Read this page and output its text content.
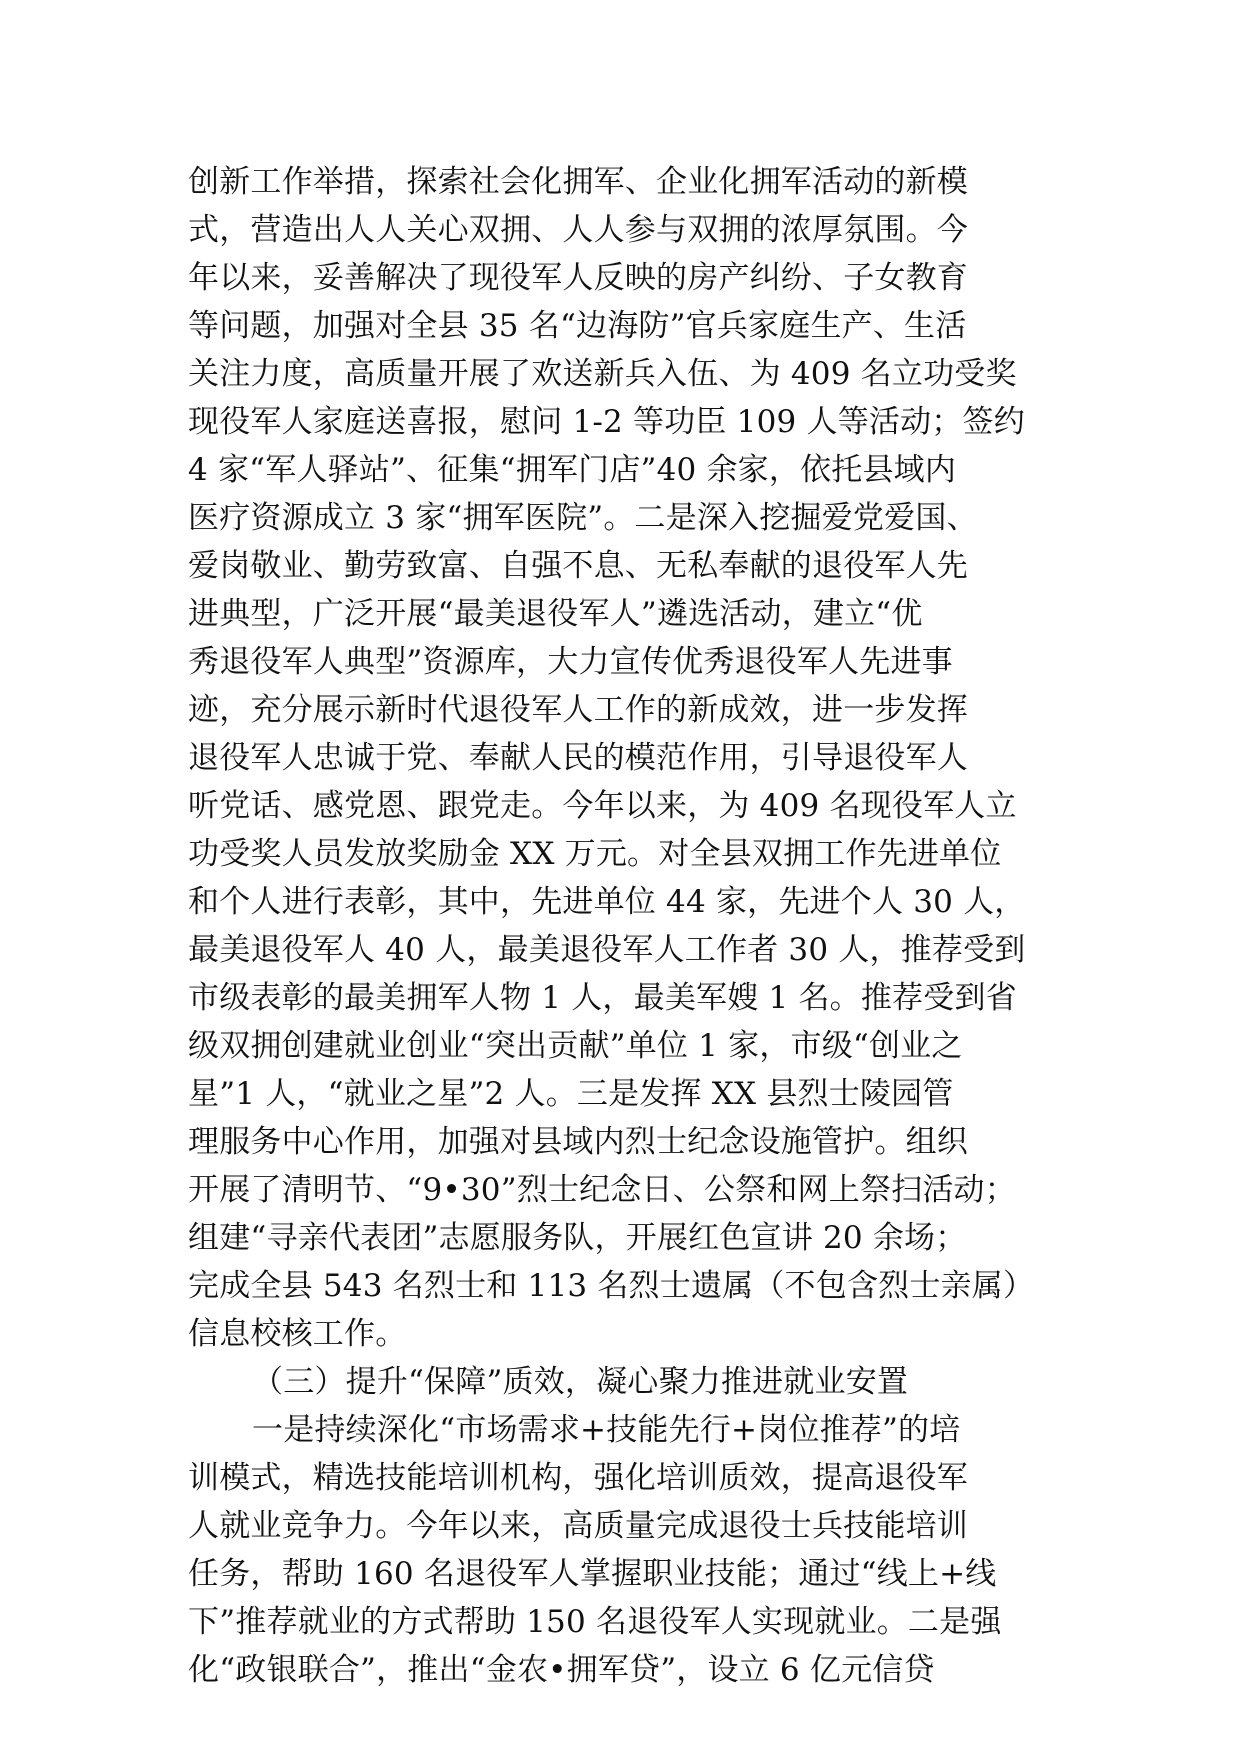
创新工作举措，探索社会化拥军、企业化拥军活动的新模
式，营造出人人关心双拥、人人参与双拥的浓厚氛围。今
年以来，妥善解决了现役军人反映的房产纠纷、子女教育
等问题，加强对全县 35 名“边海防”官兵家庭生产、生活
关注力度，高质量开展了欢送新兵入伍、为 409 名立功受奖
现役军人家庭送喜报，慰问 1-2 等功臣 109 人等活动；签约
4 家“军人驿站”、征集“拥军门店”40 余家，依托县域内
医疗资源成立 3 家“拥军医院”。二是深入挖掘爱党爱国、
爱岗敬业、勤劳致富、自强不息、无私奉献的退役军人先
进典型，广泛开展“最美退役军人”遴选活动，建立“优
秀退役军人典型”资源库，大力宣传优秀退役军人先进事
迹，充分展示新时代退役军人工作的新成效，进一步发挥
退役军人忠诚于党、奉献人民的模范作用，引导退役军人
听党话、感党恩、跟党走。今年以来，为 409 名现役军人立
功受奖人员发放奖励金 XX 万元。对全县双拥工作先进单位
和个人进行表彰，其中，先进单位 44 家，先进个人 30 人，
最美退役军人 40 人，最美退役军人工作者 30 人，推荐受到
市级表彰的最美拥军人物 1 人，最美军嫂 1 名。推荐受到省
级双拥创建就业创业“突出贡献”单位 1 家，市级“创业之
星”1 人，“就业之星”2 人。三是发挥 XX 县烈士陵园管
理服务中心作用，加强对县域内烈士纪念设施管护。组织
开展了清明节、“9•30”烈士纪念日、公祭和网上祭扫活动；
组建“寻亲代表团”志愿服务队，开展红色宣讲 20 余场；
完成全县 543 名烈士和 113 名烈士遗属（不包含烈士亲属）
信息校核工作。
（三）提升“保障”质效，凝心聚力推进就业安置
一是持续深化“市场需求+技能先行+岗位推荐”的培
训模式，精选技能培训机构，强化培训质效，提高退役军
人就业竞争力。今年以来，高质量完成退役士兵技能培训
任务，帮助 160 名退役军人掌握职业技能；通过“线上+线
下”推荐就业的方式帮助 150 名退役军人实现就业。二是强
化“政银联合”，推出“金农•拥军贷”，设立 6 亿元信贷
